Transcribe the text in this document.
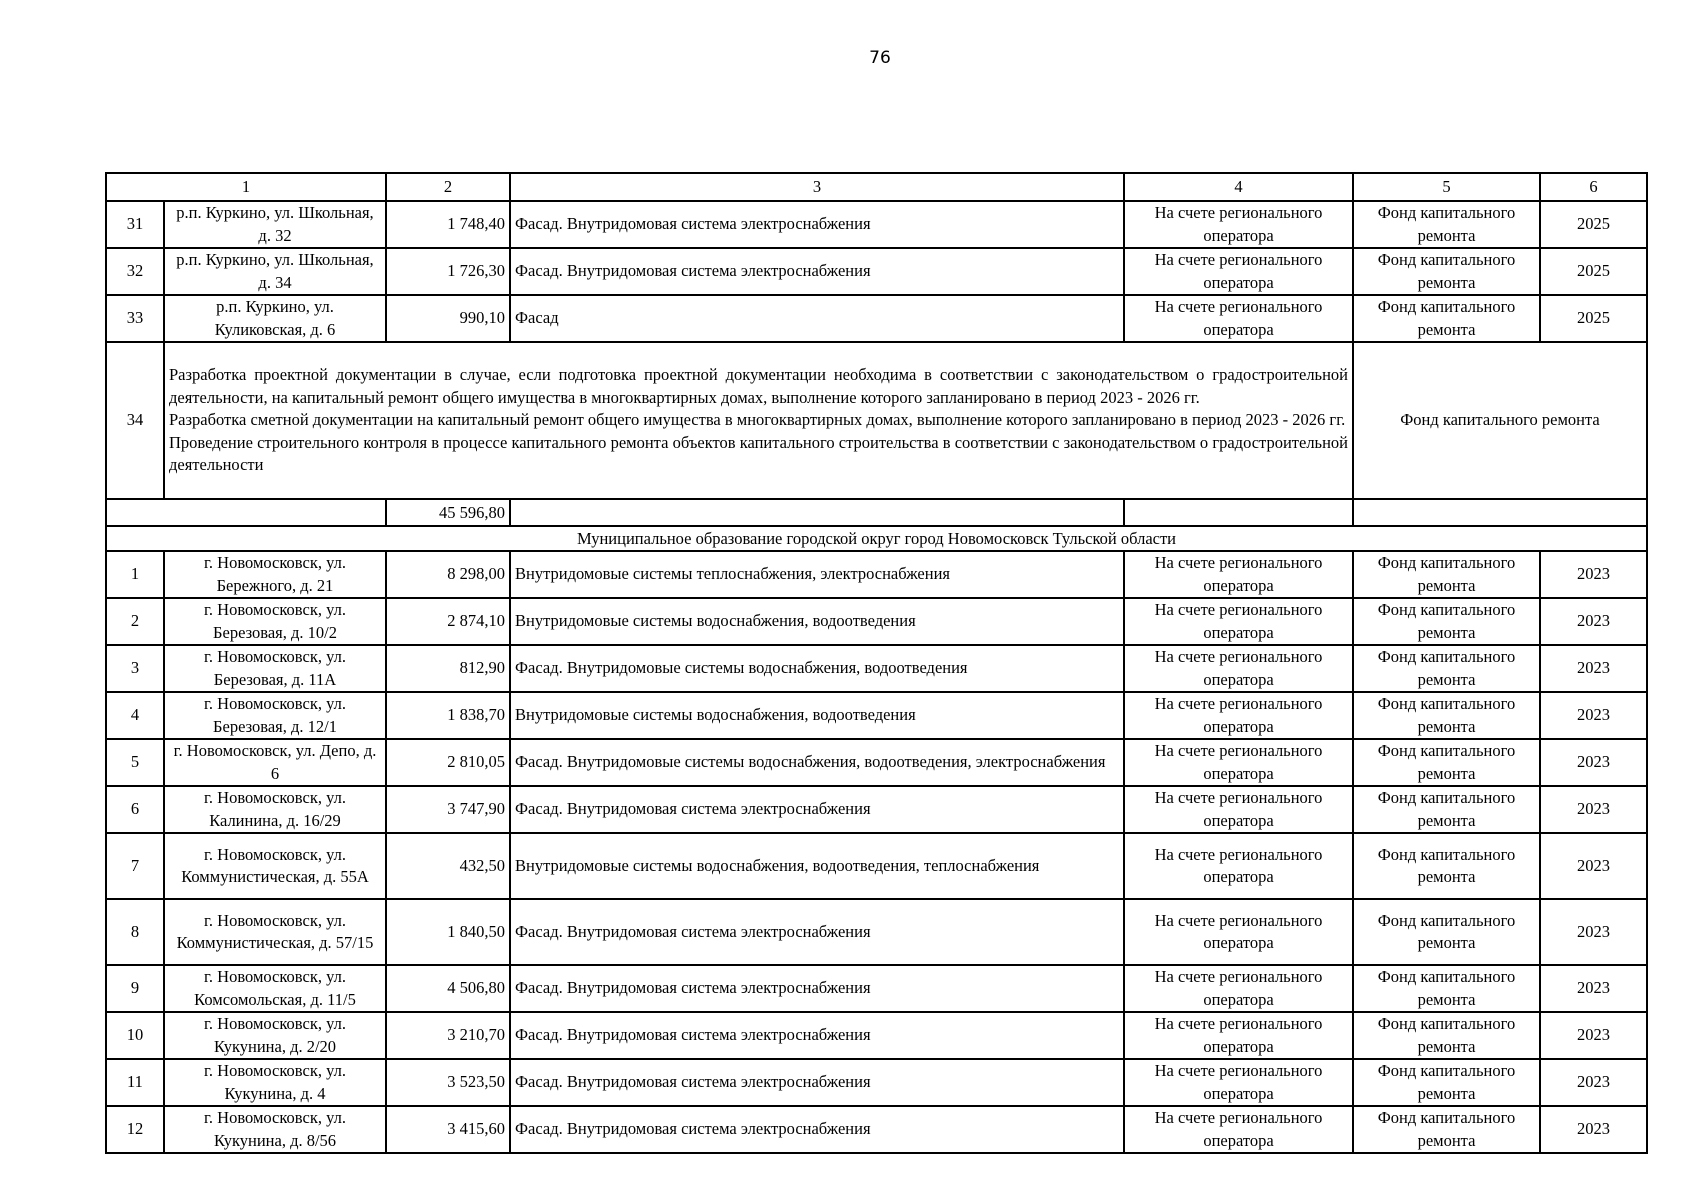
76
1		2	3	4	5	6
31	р.п. Куркино, ул. Школьная, д. 32	1 748,40	Фасад. Внутридомовая система электроснабжения	На счете регионального оператора	Фонд капитального ремонта	2025
32	р.п. Куркино, ул. Школьная, д. 34	1 726,30	Фасад. Внутридомовая система электроснабжения	На счете регионального оператора	Фонд капитального ремонта	2025
33	р.п. Куркино, ул. Куликовская, д. 6	990,10	Фасад	На счете регионального оператора	Фонд капитального ремонта	2025
34	Разработка проектной документации в случае, если подготовка проектной документации необходима в соответствии с законодательством о градостроительной деятельности, на капитальный ремонт общего имущества в многоквартирных домах, выполнение которого запланировано в период 2023 - 2026 гг.

Разработка сметной документации на капитальный ремонт общего имущества в многоквартирных домах, выполнение которого запланировано в период 2023 - 2026 гг.

Проведение строительного контроля в процессе капитального ремонта объектов капитального строительства в соответствии с законодательством о градостроительной деятельности				Фонд капитального ремонта	
		45 596,80				
Муниципальное образование городской округ город Новомосковск Тульской области						
1	г. Новомосковск, ул. Бережного, д. 21	8 298,00	Внутридомовые системы теплоснабжения, электроснабжения	На счете регионального оператора	Фонд капитального ремонта	2023
2	г. Новомосковск, ул. Березовая, д. 10/2	2 874,10	Внутридомовые системы водоснабжения, водоотведения	На счете регионального оператора	Фонд капитального ремонта	2023
3	г. Новомосковск, ул. Березовая, д. 11А	812,90	Фасад. Внутридомовые системы водоснабжения, водоотведения	На счете регионального оператора	Фонд капитального ремонта	2023
4	г. Новомосковск, ул. Березовая, д. 12/1	1 838,70	Внутридомовые системы водоснабжения, водоотведения	На счете регионального оператора	Фонд капитального ремонта	2023
5	г. Новомосковск, ул. Депо, д. 6	2 810,05	Фасад. Внутридомовые системы водоснабжения, водоотведения, электроснабжения	На счете регионального оператора	Фонд капитального ремонта	2023
6	г. Новомосковск, ул. Калинина, д. 16/29	3 747,90	Фасад. Внутридомовая система электроснабжения	На счете регионального оператора	Фонд капитального ремонта	2023
7	г. Новомосковск, ул. Коммунистическая, д. 55А	432,50	Внутридомовые системы водоснабжения, водоотведения, теплоснабжения	На счете регионального оператора	Фонд капитального ремонта	2023
8	г. Новомосковск, ул. Коммунистическая, д. 57/15	1 840,50	Фасад. Внутридомовая система электроснабжения	На счете регионального оператора	Фонд капитального ремонта	2023
9	г. Новомосковск, ул. Комсомольская, д. 11/5	4 506,80	Фасад. Внутридомовая система электроснабжения	На счете регионального оператора	Фонд капитального ремонта	2023
10	г. Новомосковск, ул. Кукунина, д. 2/20	3 210,70	Фасад. Внутридомовая система электроснабжения	На счете регионального оператора	Фонд капитального ремонта	2023
11	г. Новомосковск, ул. Кукунина, д. 4	3 523,50	Фасад. Внутридомовая система электроснабжения	На счете регионального оператора	Фонд капитального ремонта	2023
12	г. Новомосковск, ул. Кукунина, д. 8/56	3 415,60	Фасад. Внутридомовая система электроснабжения	На счете регионального оператора	Фонд капитального ремонта	2023
